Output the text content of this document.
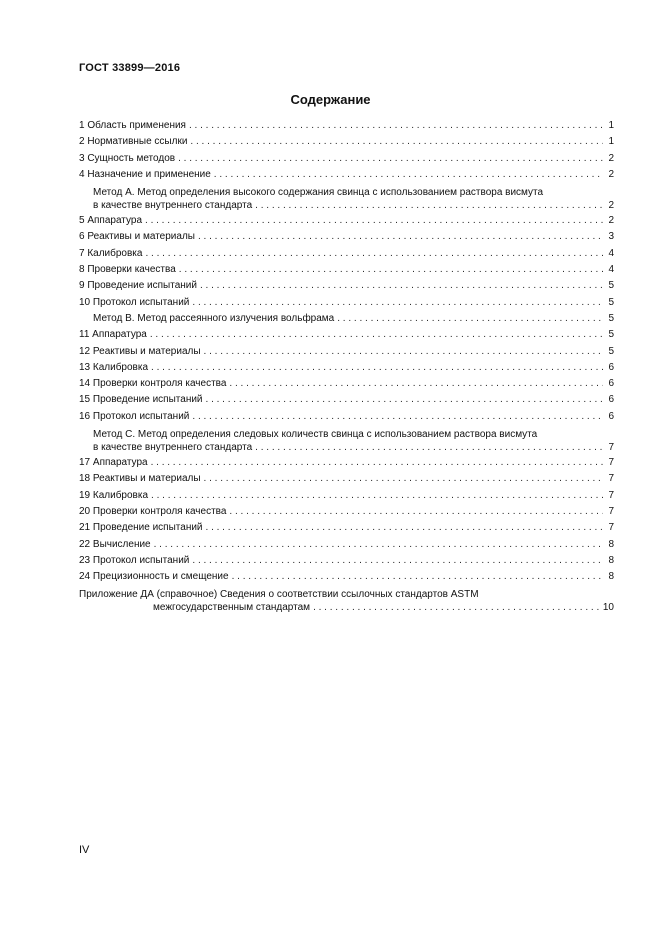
ГОСТ 33899—2016
Содержание
1 Область применения . . .	1
2 Нормативные ссылки . . .	1
3 Сущность методов . . .	2
4 Назначение и применение . . .	2
Метод А. Метод определения высокого содержания свинца с использованием раствора висмута
в качестве внутреннего стандарта . . .	2
5 Аппаратура . . .	2
6 Реактивы и материалы . . .	3
7 Калибровка . . .	4
8 Проверки качества . . .	4
9 Проведение испытаний . . .	5
10 Протокол испытаний . . .	5
Метод В. Метод рассеянного излучения вольфрама . . .	5
11 Аппаратура . . .	5
12 Реактивы и материалы . . .	5
13 Калибровка . . .	6
14 Проверки контроля качества . . .	6
15 Проведение испытаний . . .	6
16 Протокол испытаний . . .	6
Метод С. Метод определения следовых количеств свинца с использованием раствора висмута
в качестве внутреннего стандарта . . .	7
17 Аппаратура . . .	7
18 Реактивы и материалы . . .	7
19 Калибровка . . .	7
20 Проверки контроля качества . . .	7
21 Проведение испытаний . . .	7
22 Вычисление . . .	8
23 Протокол испытаний . . .	8
24 Прецизионность и смещение . . .	8
Приложение ДА (справочное) Сведения о соответствии ссылочных стандартов ASTM
межгосударственным стандартам . . .	10
IV
